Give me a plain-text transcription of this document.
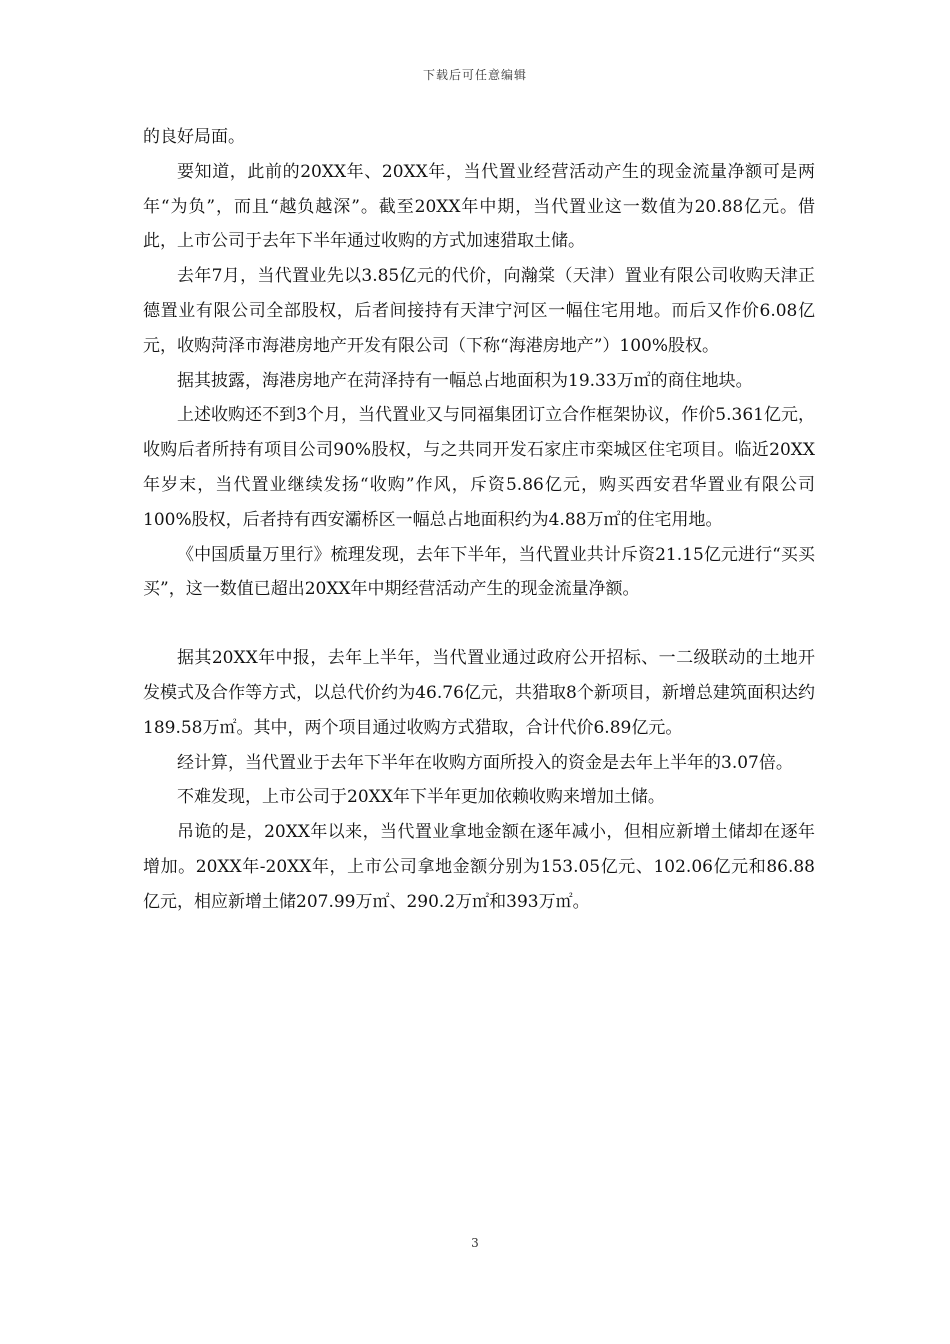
下载后可任意编辑

的良好局面。

要知道，此前的20XX年、20XX年，当代置业经营活动产生的现金流量净额可是两年“为负”，而且“越负越深”。截至20XX年中期，当代置业这一数值为20.88亿元。借此，上市公司于去年下半年通过收购的方式加速猎取土储。

去年7月，当代置业先以3.85亿元的代价，向瀚棠（天津）置业有限公司收购天津正德置业有限公司全部股权，后者间接持有天津宁河区一幅住宅用地。而后又作价6.08亿元，收购菏泽市海港房地产开发有限公司（下称“海港房地产”）100%股权。

据其披露，海港房地产在菏泽持有一幅总占地面积为19.33万㎡的商住地块。

上述收购还不到3个月，当代置业又与同福集团订立合作框架协议，作价5.361亿元，收购后者所持有项目公司90%股权，与之共同开发石家庄市栾城区住宅项目。临近20XX年岁末，当代置业继续发扬“收购”作风，斥资5.86亿元，购买西安君华置业有限公司100%股权，后者持有西安灞桥区一幅总占地面积约为4.88万㎡的住宅用地。

《中国质量万里行》梳理发现，去年下半年，当代置业共计斥资21.15亿元进行“买买买”，这一数值已超出20XX年中期经营活动产生的现金流量净额。

据其20XX年中报，去年上半年，当代置业通过政府公开招标、一二级联动的土地开发模式及合作等方式，以总代价约为46.76亿元，共猎取8个新项目，新增总建筑面积达约189.58万㎡。其中，两个项目通过收购方式猎取，合计代价6.89亿元。

经计算，当代置业于去年下半年在收购方面所投入的资金是去年上半年的3.07倍。

不难发现，上市公司于20XX年下半年更加依赖收购来增加土储。

吊诡的是，20XX年以来，当代置业拿地金额在逐年减小，但相应新增土储却在逐年增加。20XX年-20XX年，上市公司拿地金额分别为153.05亿元、102.06亿元和86.88亿元，相应新增土储207.99万㎡、290.2万㎡和393万㎡。

3
